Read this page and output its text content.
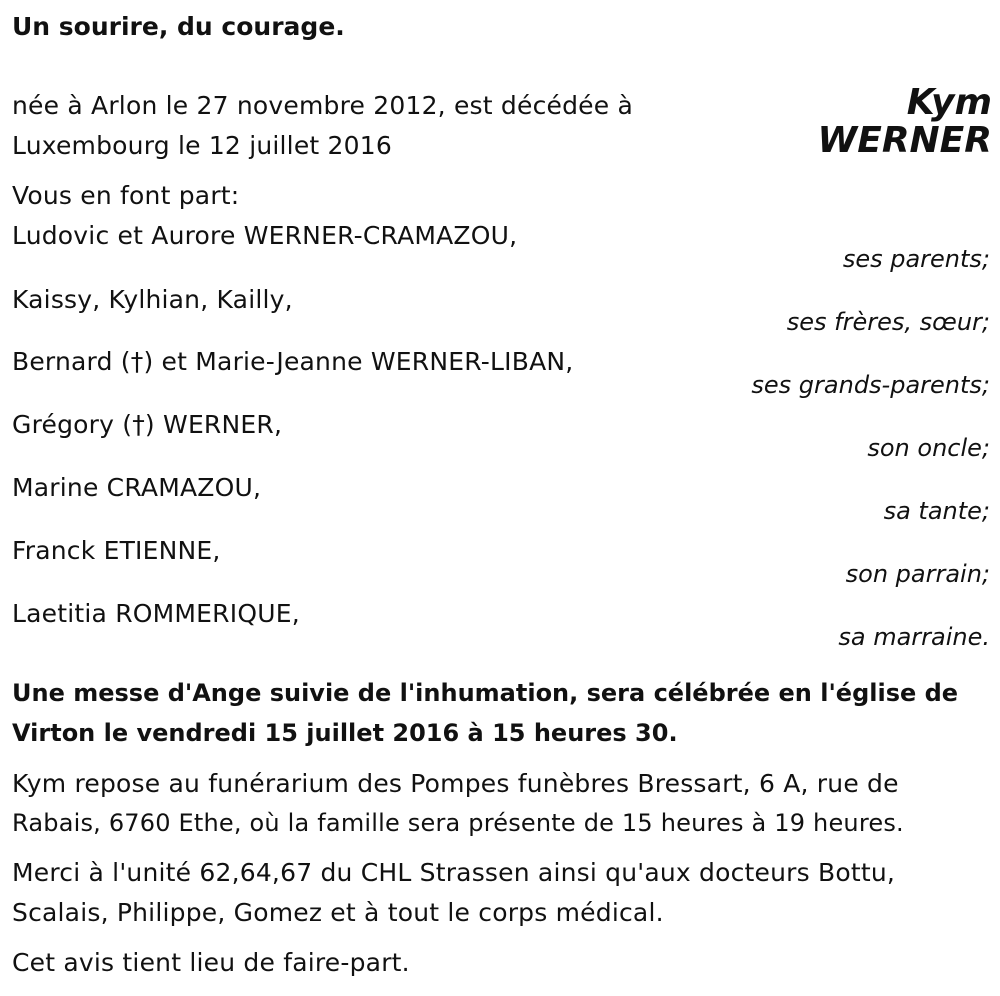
Un sourire, du courage.
Kym
WERNER
née à Arlon le 27 novembre 2012, est décédée à
Luxembourg le 12 juillet 2016
Vous en font part:
Ludovic et Aurore WERNER-CRAMAZOU,
ses parents;
Kaissy, Kylhian, Kailly,
ses frères, sœur;
Bernard (†) et Marie-Jeanne WERNER-LIBAN,
ses grands-parents;
Grégory (†) WERNER,
son oncle;
Marine CRAMAZOU,
sa tante;
Franck ETIENNE,
son parrain;
Laetitia ROMMERIQUE,
sa marraine.
Une messe d'Ange suivie de l'inhumation, sera célébrée en l'église de
Virton le vendredi 15 juillet 2016 à 15 heures 30.
Kym repose au funérarium des Pompes funèbres Bressart, 6 A, rue de
Rabais, 6760 Ethe, où la famille sera présente de 15 heures à 19 heures.
Merci à l'unité 62,64,67 du CHL Strassen ainsi qu'aux docteurs Bottu,
Scalais, Philippe, Gomez et à tout le corps médical.
Cet avis tient lieu de faire-part.
